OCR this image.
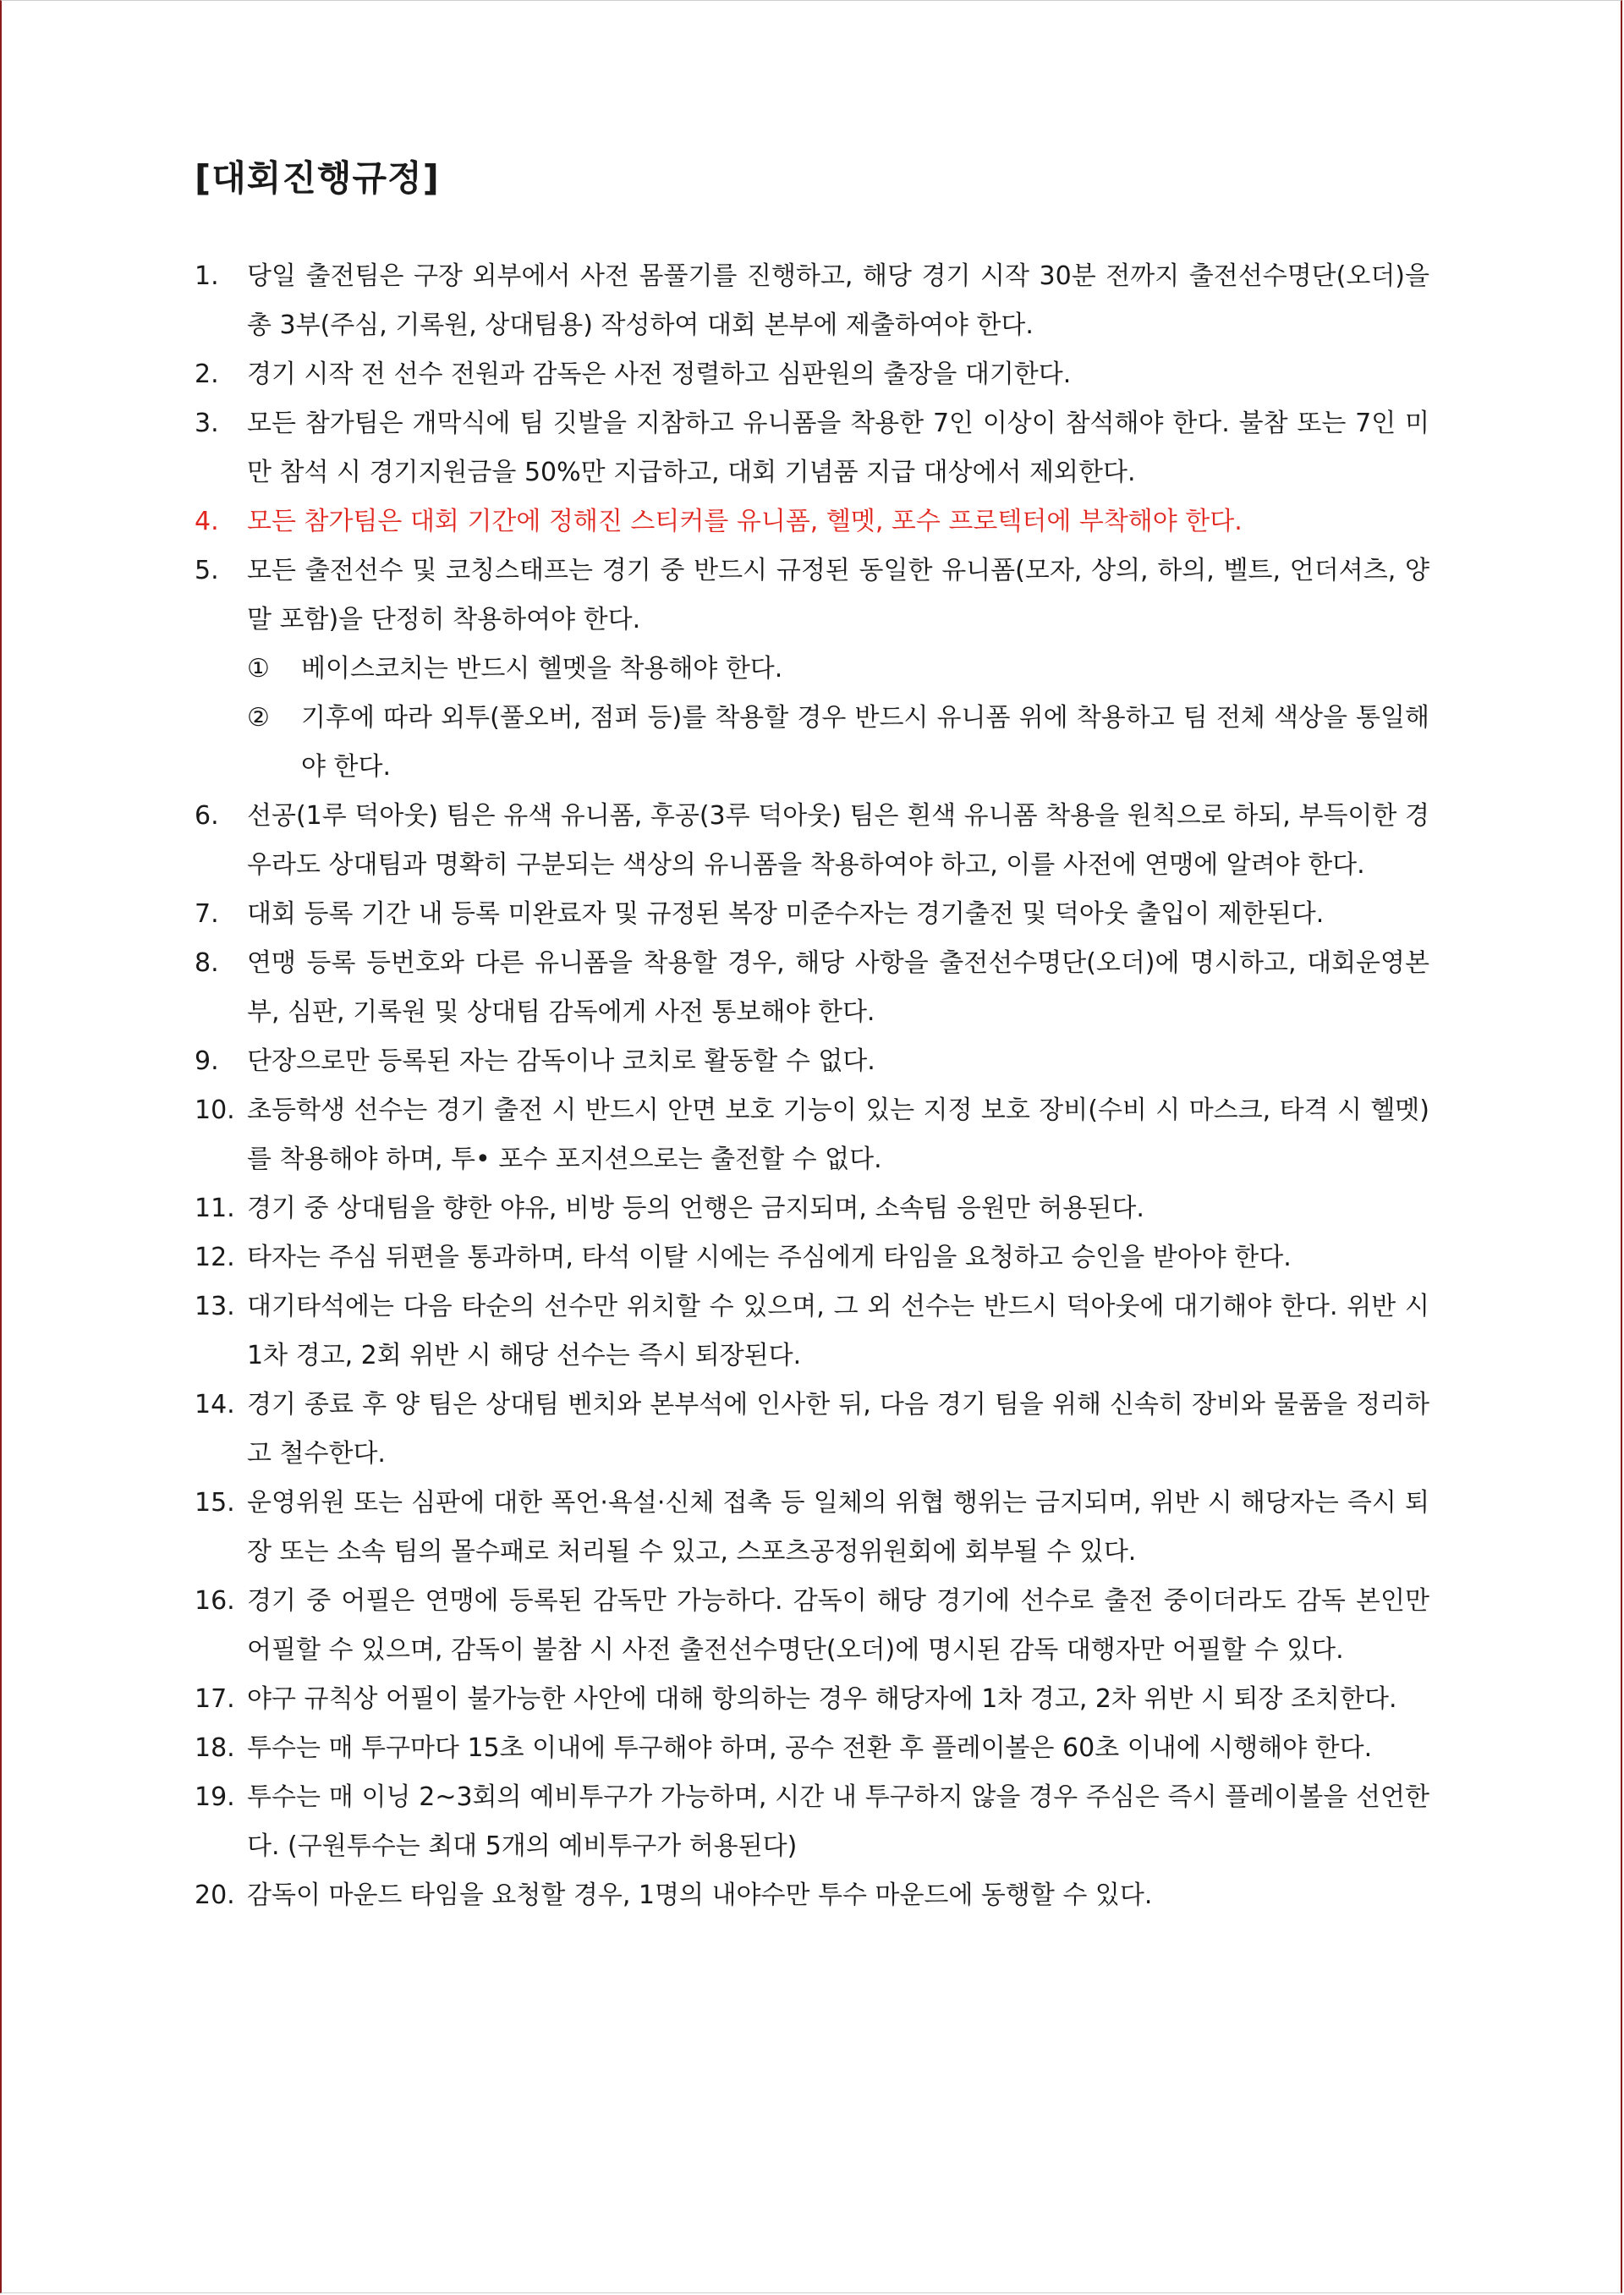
[대회진행규정]
1.	당일 출전팀은 구장 외부에서 사전 몸풀기를 진행하고, 해당 경기 시작 30분 전까지 출전선수명단(오더)을 총 3부(주심, 기록원, 상대팀용) 작성하여 대회 본부에 제출하여야 한다.
2.	경기 시작 전 선수 전원과 감독은 사전 정렬하고 심판원의 출장을 대기한다.
3.	모든 참가팀은 개막식에 팀 깃발을 지참하고 유니폼을 착용한 7인 이상이 참석해야 한다. 불참 또는 7인 미만 참석 시 경기지원금을 50%만 지급하고, 대회 기념품 지급 대상에서 제외한다.
4.	모든 참가팀은 대회 기간에 정해진 스티커를 유니폼, 헬멧, 포수 프로텍터에 부착해야 한다.
5.	모든 출전선수 및 코칭스태프는 경기 중 반드시 규정된 동일한 유니폼(모자, 상의, 하의, 벨트, 언더셔츠, 양말 포함)을 단정히 착용하여야 한다.
①	베이스코치는 반드시 헬멧을 착용해야 한다.
②	기후에 따라 외투(풀오버, 점퍼 등)를 착용할 경우 반드시 유니폼 위에 착용하고 팀 전체 색상을 통일해야 한다.
6.	선공(1루 덕아웃) 팀은 유색 유니폼, 후공(3루 덕아웃) 팀은 흰색 유니폼 착용을 원칙으로 하되, 부득이한 경우라도 상대팀과 명확히 구분되는 색상의 유니폼을 착용하여야 하고, 이를 사전에 연맹에 알려야 한다.
7.	대회 등록 기간 내 등록 미완료자 및 규정된 복장 미준수자는 경기출전 및 덕아웃 출입이 제한된다.
8.	연맹 등록 등번호와 다른 유니폼을 착용할 경우, 해당 사항을 출전선수명단(오더)에 명시하고, 대회운영본부, 심판, 기록원 및 상대팀 감독에게 사전 통보해야 한다.
9.	단장으로만 등록된 자는 감독이나 코치로 활동할 수 없다.
10. 초등학생 선수는 경기 출전 시 반드시 안면 보호 기능이 있는 지정 보호 장비(수비 시 마스크, 타격 시 헬멧)를 착용해야 하며, 투• 포수 포지션으로는 출전할 수 없다.
11. 경기 중 상대팀을 향한 야유, 비방 등의 언행은 금지되며, 소속팀 응원만 허용된다.
12. 타자는 주심 뒤편을 통과하며, 타석 이탈 시에는 주심에게 타임을 요청하고 승인을 받아야 한다.
13. 대기타석에는 다음 타순의 선수만 위치할 수 있으며, 그 외 선수는 반드시 덕아웃에 대기해야 한다. 위반 시 1차 경고, 2회 위반 시 해당 선수는 즉시 퇴장된다.
14. 경기 종료 후 양 팀은 상대팀 벤치와 본부석에 인사한 뒤, 다음 경기 팀을 위해 신속히 장비와 물품을 정리하고 철수한다.
15. 운영위원 또는 심판에 대한 폭언·욕설·신체 접촉 등 일체의 위협 행위는 금지되며, 위반 시 해당자는 즉시 퇴장 또는 소속 팀의 몰수패로 처리될 수 있고, 스포츠공정위원회에 회부될 수 있다.
16. 경기 중 어필은 연맹에 등록된 감독만 가능하다. 감독이 해당 경기에 선수로 출전 중이더라도 감독 본인만 어필할 수 있으며, 감독이 불참 시 사전 출전선수명단(오더)에 명시된 감독 대행자만 어필할 수 있다.
17. 야구 규칙상 어필이 불가능한 사안에 대해 항의하는 경우 해당자에 1차 경고, 2차 위반 시 퇴장 조치한다.
18. 투수는 매 투구마다 15초 이내에 투구해야 하며, 공수 전환 후 플레이볼은 60초 이내에 시행해야 한다.
19. 투수는 매 이닝 2~3회의 예비투구가 가능하며, 시간 내 투구하지 않을 경우 주심은 즉시 플레이볼을 선언한다. (구원투수는 최대 5개의 예비투구가 허용된다)
20. 감독이 마운드 타임을 요청할 경우, 1명의 내야수만 투수 마운드에 동행할 수 있다.
